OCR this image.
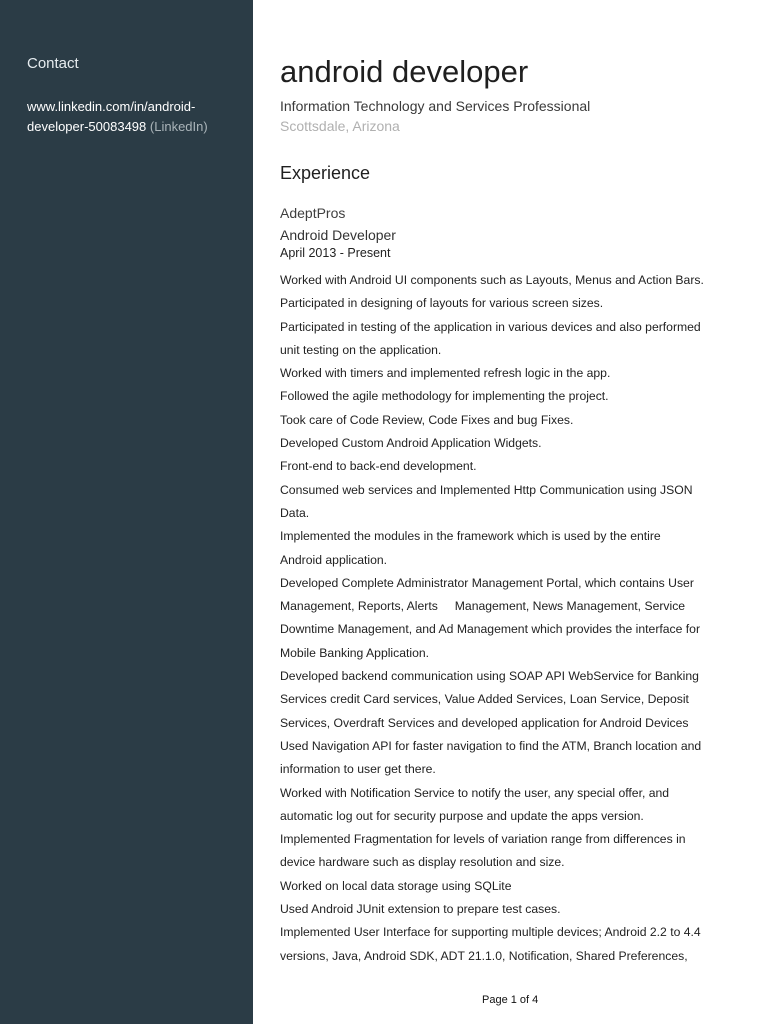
Contact
www.linkedin.com/in/android-
developer-50083498 (LinkedIn)
android developer
Information Technology and Services Professional
Scottsdale, Arizona
Experience
AdeptPros
Android Developer
April 2013 - Present
Worked with Android UI components such as Layouts, Menus and Action Bars.
Participated in designing of layouts for various screen sizes.
Participated in testing of the application in various devices and also performed
unit testing on the application.
Worked with timers and implemented refresh logic in the app.
Followed the agile methodology for implementing the project.
Took care of Code Review, Code Fixes and bug Fixes.
Developed Custom Android Application Widgets.
Front-end to back-end development.
Consumed web services and Implemented Http Communication using JSON
Data.
Implemented the modules in the framework which is used by the entire
Android application.
Developed Complete Administrator Management Portal, which contains User
Management, Reports, Alerts     Management, News Management, Service
Downtime Management, and Ad Management which provides the interface for
Mobile Banking Application.
Developed backend communication using SOAP API WebService for Banking
Services credit Card services, Value Added Services, Loan Service, Deposit
Services, Overdraft Services and developed application for Android Devices
Used Navigation API for faster navigation to find the ATM, Branch location and
information to user get there.
Worked with Notification Service to notify the user, any special offer, and
automatic log out for security purpose and update the apps version.
Implemented Fragmentation for levels of variation range from differences in
device hardware such as display resolution and size.
Worked on local data storage using SQLite
Used Android JUnit extension to prepare test cases.
Implemented User Interface for supporting multiple devices; Android 2.2 to 4.4
versions, Java, Android SDK, ADT 21.1.0, Notification, Shared Preferences,
Page 1 of 4
